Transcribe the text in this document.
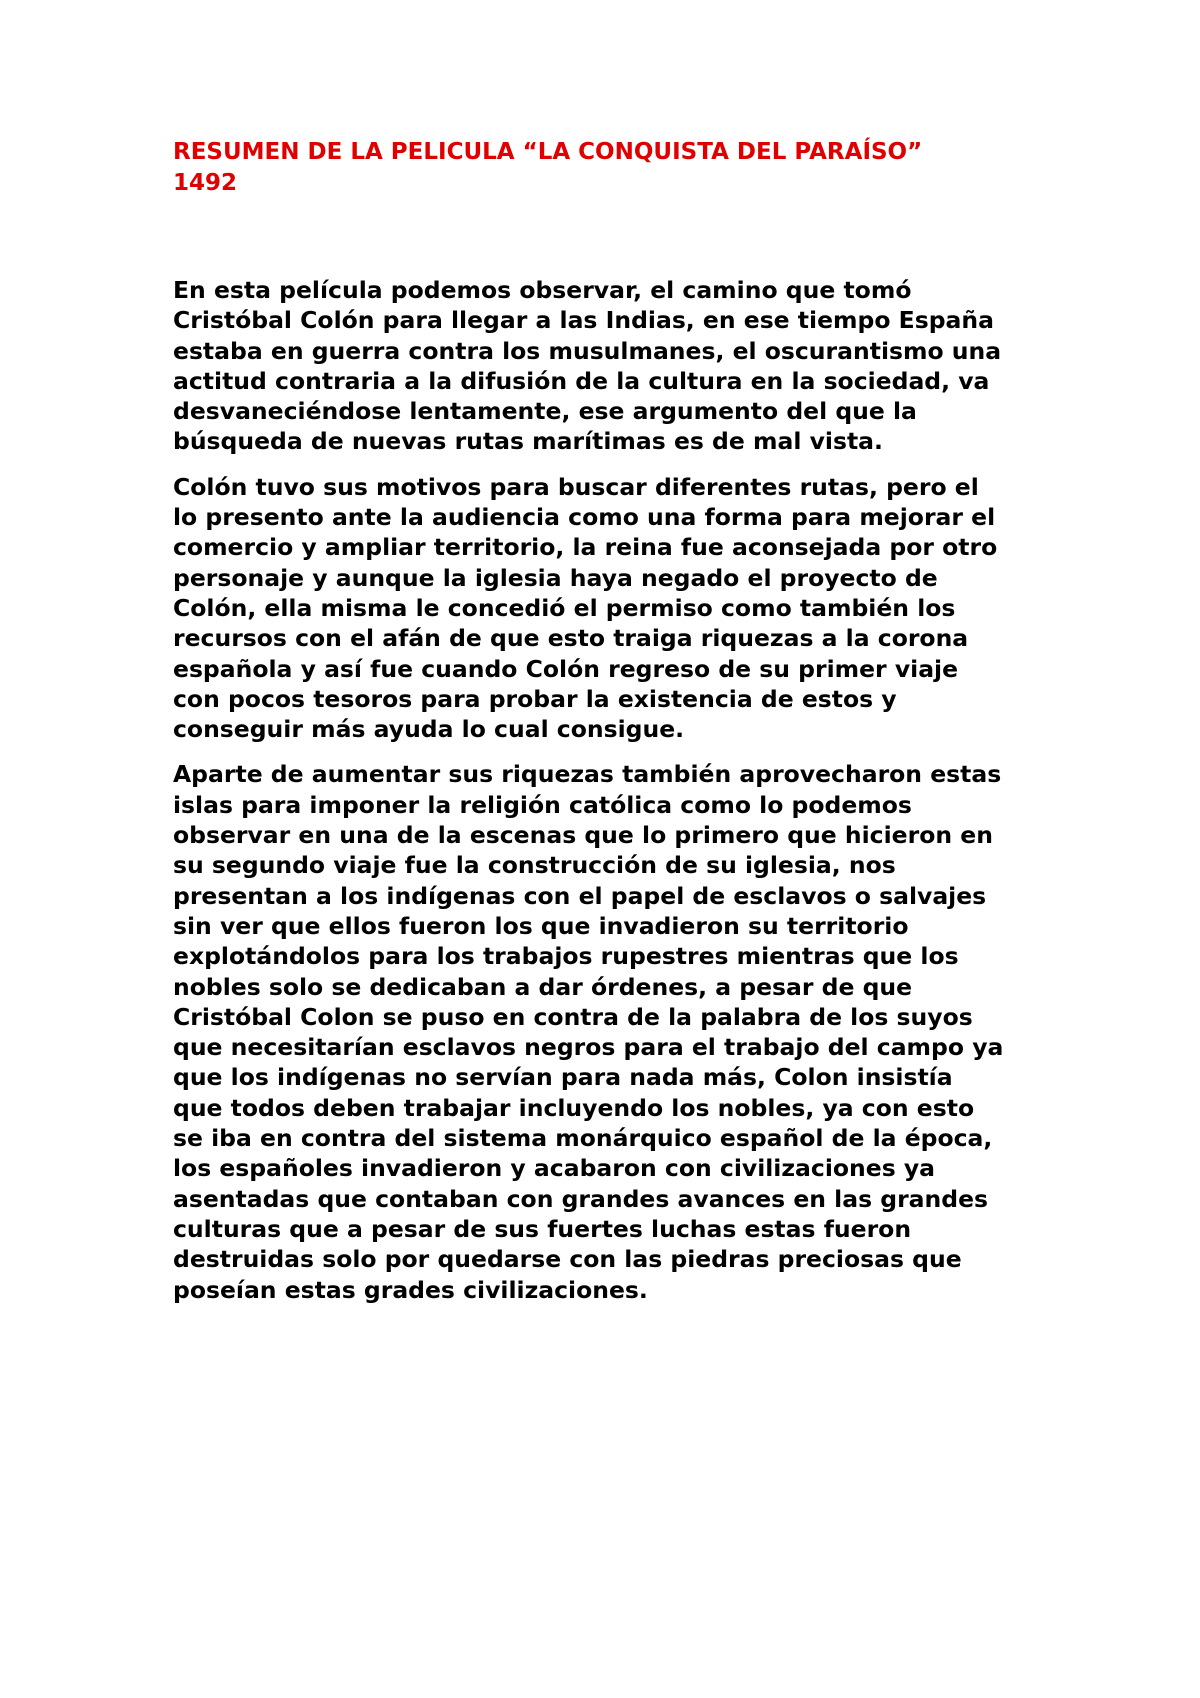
RESUMEN DE LA PELICULA “LA CONQUISTA DEL PARAÍSO”
1492

En esta película podemos observar, el camino que tomó
Cristóbal Colón para llegar a las Indias, en ese tiempo España
estaba en guerra contra los musulmanes, el oscurantismo una
actitud contraria a la difusión de la cultura en la sociedad, va
desvaneciéndose lentamente, ese argumento del que la
búsqueda de nuevas rutas marítimas es de mal vista.

Colón tuvo sus motivos para buscar diferentes rutas, pero el
lo presento ante la audiencia como una forma para mejorar el
comercio y ampliar territorio, la reina fue aconsejada por otro
personaje y aunque la iglesia haya negado el proyecto de
Colón, ella misma le concedió el permiso como también los
recursos con el afán de que esto traiga riquezas a la corona
española y así fue cuando Colón regreso de su primer viaje
con pocos tesoros para probar la existencia de estos y
conseguir más ayuda lo cual consigue.

Aparte de aumentar sus riquezas también aprovecharon estas
islas para imponer la religión católica como lo podemos
observar en una de la escenas que lo primero que hicieron en
su segundo viaje fue la construcción de su iglesia, nos
presentan a los indígenas con el papel de esclavos o salvajes
sin ver que ellos fueron los que invadieron su territorio
explotándolos para los trabajos rupestres mientras que los
nobles solo se dedicaban a dar órdenes, a pesar de que
Cristóbal Colon se puso en contra de la palabra de los suyos
que necesitarían esclavos negros para el trabajo del campo ya
que los indígenas no servían para nada más, Colon insistía
que todos deben trabajar incluyendo los nobles, ya con esto
se iba en contra del sistema monárquico español de la época,
los españoles invadieron y acabaron con civilizaciones ya
asentadas que contaban con grandes avances en las grandes
culturas que a pesar de sus fuertes luchas estas fueron
destruidas solo por quedarse con las piedras preciosas que
poseían estas grades civilizaciones.
